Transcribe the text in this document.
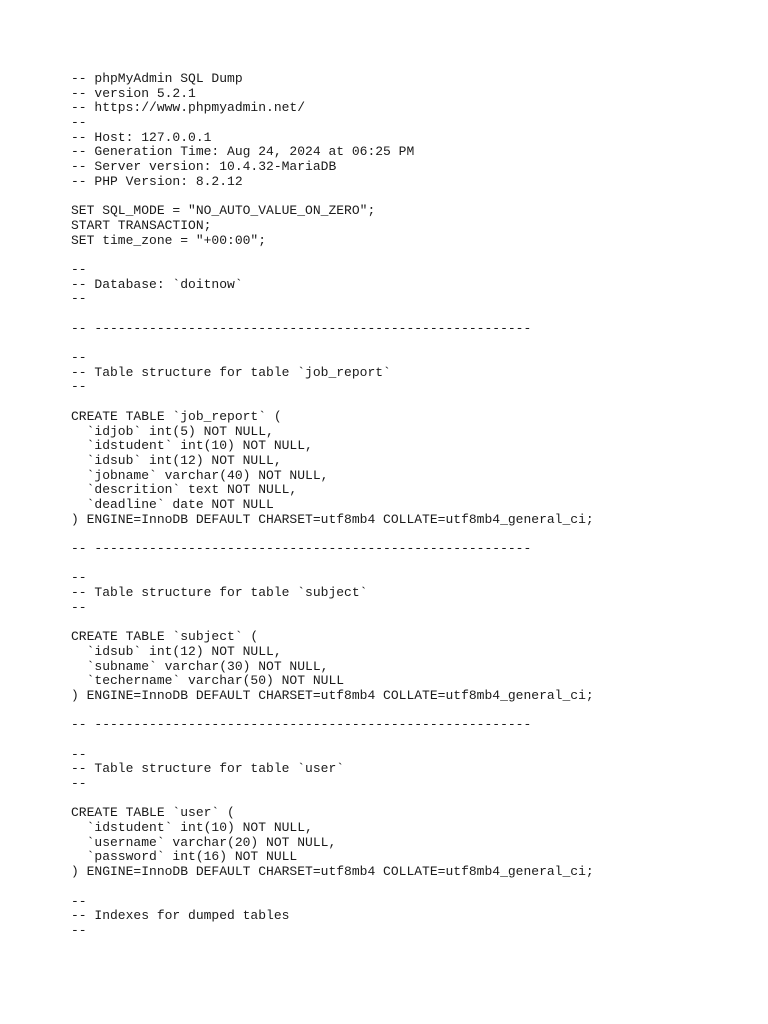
-- phpMyAdmin SQL Dump
-- version 5.2.1
-- https://www.phpmyadmin.net/
--
-- Host: 127.0.0.1
-- Generation Time: Aug 24, 2024 at 06:25 PM
-- Server version: 10.4.32-MariaDB
-- PHP Version: 8.2.12
SET SQL_MODE = "NO_AUTO_VALUE_ON_ZERO";
START TRANSACTION;
SET time_zone = "+00:00";
--
-- Database: `doitnow`
--
-- --------------------------------------------------------
--
-- Table structure for table `job_report`
--
CREATE TABLE `job_report` (
`idjob` int(5) NOT NULL,
`idstudent` int(10) NOT NULL,
`idsub` int(12) NOT NULL,
`jobname` varchar(40) NOT NULL,
`descrition` text NOT NULL,
`deadline` date NOT NULL
) ENGINE=InnoDB DEFAULT CHARSET=utf8mb4 COLLATE=utf8mb4_general_ci;
-- --------------------------------------------------------
--
-- Table structure for table `subject`
--
CREATE TABLE `subject` (
`idsub` int(12) NOT NULL,
`subname` varchar(30) NOT NULL,
`techername` varchar(50) NOT NULL
) ENGINE=InnoDB DEFAULT CHARSET=utf8mb4 COLLATE=utf8mb4_general_ci;
-- --------------------------------------------------------
--
-- Table structure for table `user`
--
CREATE TABLE `user` (
`idstudent` int(10) NOT NULL,
`username` varchar(20) NOT NULL,
`password` int(16) NOT NULL
) ENGINE=InnoDB DEFAULT CHARSET=utf8mb4 COLLATE=utf8mb4_general_ci;
--
-- Indexes for dumped tables
--
